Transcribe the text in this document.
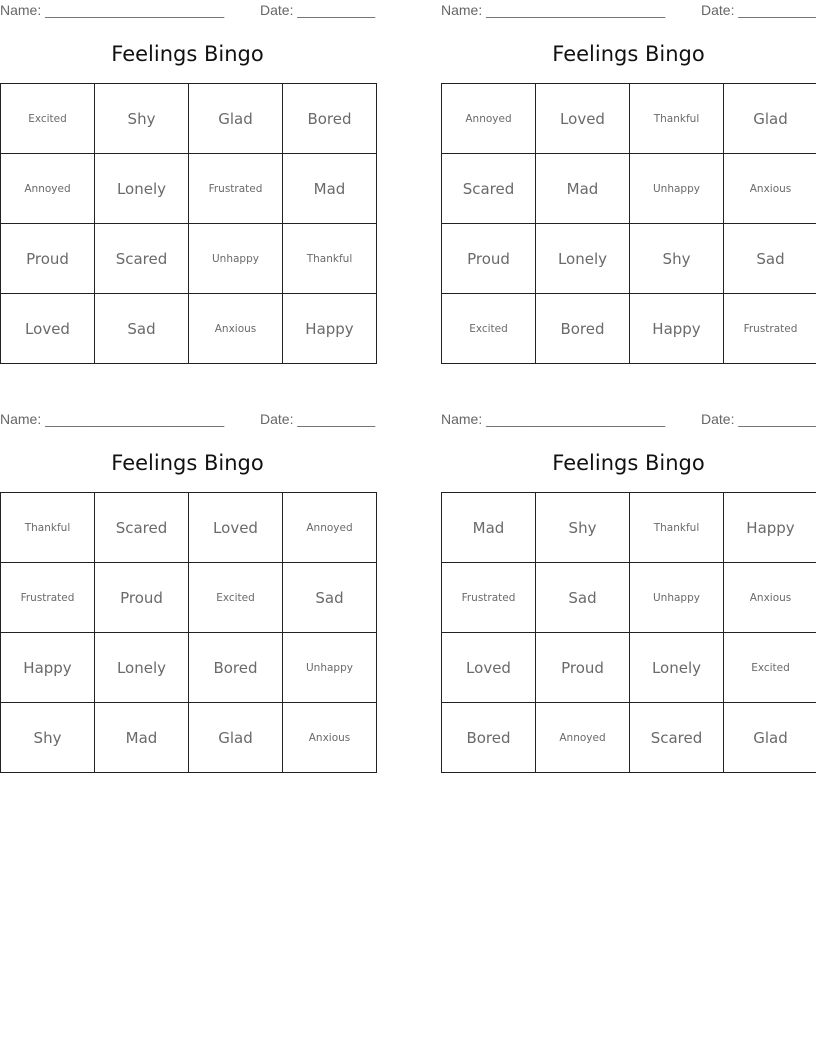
Name: _______________________	Date: __________
Feelings Bingo
Excited	Shy	Glad	Bored
Annoyed	Lonely	Frustrated	Mad
Proud	Scared	Unhappy	Thankful
Loved	Sad	Anxious	Happy
Name: _______________________	Date: __________
Feelings Bingo
Annoyed	Loved	Thankful	Glad
Scared	Mad	Unhappy	Anxious
Proud	Lonely	Shy	Sad
Excited	Bored	Happy	Frustrated
Name: _______________________	Date: __________
Feelings Bingo
Thankful	Scared	Loved	Annoyed
Frustrated	Proud	Excited	Sad
Happy	Lonely	Bored	Unhappy
Shy	Mad	Glad	Anxious
Name: _______________________	Date: __________
Feelings Bingo
Mad	Shy	Thankful	Happy
Frustrated	Sad	Unhappy	Anxious
Loved	Proud	Lonely	Excited
Bored	Annoyed	Scared	Glad
